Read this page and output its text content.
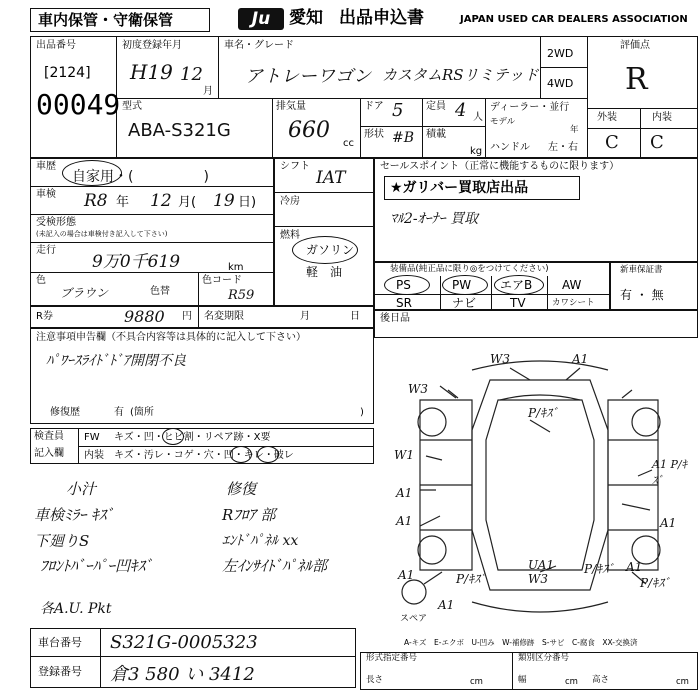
車内保管・守衛保管	Ju	愛知 出品申込書	JAPAN USED CAR DEALERS ASSOCIATION
出品番号
[2124]
00049
初度登録年月
H19 12
月
車名・グレード
アトレーワゴン カスタムRSリミテッド
2WD
4WD
評価点
R
外装	内装
C C
型式
ABA-S321G
排気量
660
cc
ドア 5 定員 4 人
形状 #B 積載
kg
ディーラー・並行
モデル
年
ハンドル 左・右
車歴
自家用・(　　　　　)
車検 R8 年 12 月( 19 日)
受検形態
(未記入の場合は車検付き記入して下さい)
走行
9万0千619	km
色
ブラウン	色替
色コード
R59
シフト
IAT
冷房
燃料
ガソリン
軽　油
セールスポイント（正常に機能するものに限ります）
★ガリバー買取店出品
ﾏﾙ2-ｵｰﾅｰ 買取
装備品(純正品に限り◎をつけてください)
PS	PW エアB AW
SR	ナビ	TV	カワシート
新車保証書
有 ・ 無
R券	9880 円 名変期限	月	日 後日品
注意事項申告欄（不具合内容等は具体的に記入して下さい）
ﾊﾟﾜｰｽﾗｲﾄﾞﾄﾞｱ開閉不良
修復歴	有 (箇所	)
検査員
記入欄
FW キズ・凹・ヒビ割・リペア跡・X要
内装 キズ・汚レ・コゲ・穴・凹・キレ・破レ
小汁
車検ﾐﾗｰ ｷｽﾞ
下廻りS
ﾌﾛﾝﾄﾊﾞｰﾊﾟｰ凹ｷｽﾞ
修復
Rﾌﾛｱ 部
ｴﾝﾄﾞﾊﾟﾈﾙ xx
左ｲﾝｻｲﾄﾞﾊﾟﾈﾙ部
各A.U. Pkt
W3	A1
W3
P/ｷｽﾞ
W1
A1
A1
A1 P/ｷｽﾞ
A1
A1	P/ｷｽﾞ
UA1 W3
P/ｷｽﾞ A1
P/ｷｽﾞ
A1
スペア
A-キズ　E-エクボ　U-凹み　W-補修跡　S-サビ　C-腐食　XX-交換済
車台番号 S321G-0005323
登録番号 倉3 580 い 3412
形式指定番号	類別区分番号
長さ	cm	幅	cm 高さ	cm
